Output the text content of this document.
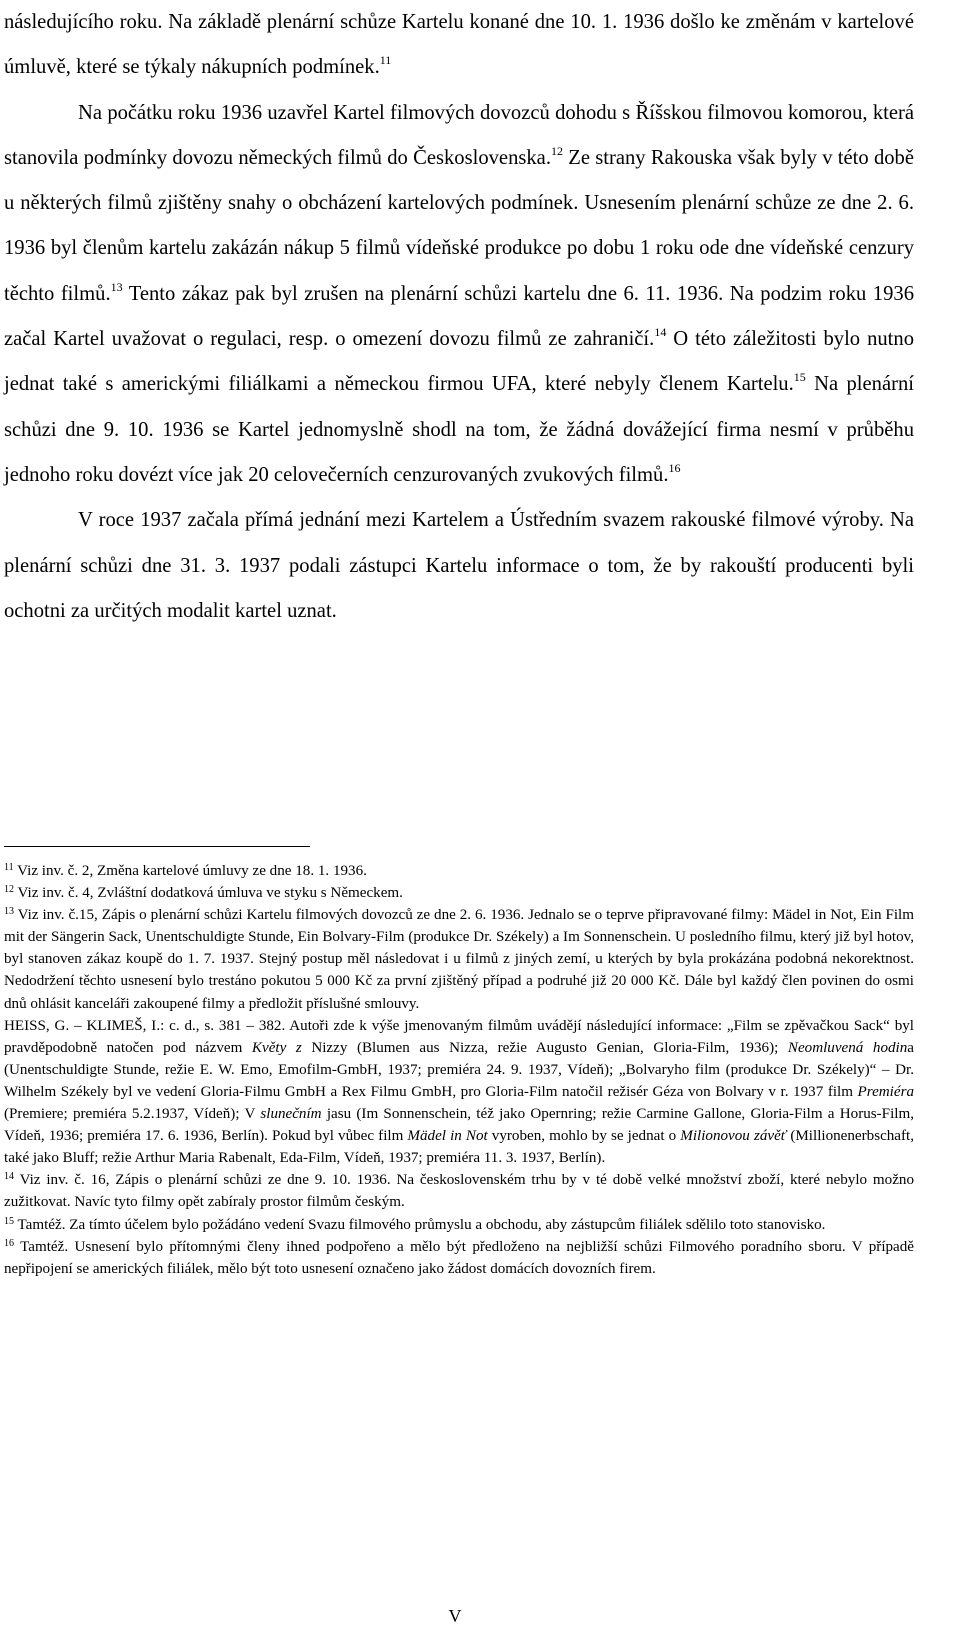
následujícího roku. Na základě plenární schůze Kartelu konané dne 10. 1. 1936 došlo ke změnám v kartelové úmluvě, které se týkaly nákupních podmínek.$^{11}$

Na počátku roku 1936 uzavřel Kartel filmových dovozců dohodu s Říšskou filmovou komorou, která stanovila podmínky dovozu německých filmů do Československa.$^{12}$ Ze strany Rakouska však byly v této době u některých filmů zjištěny snahy o obcházení kartelových podmínek. Usnesením plenární schůze ze dne 2. 6. 1936 byl členům kartelu zakázán nákup 5 filmů vídeňské produkce po dobu 1 roku ode dne vídeňské cenzury těchto filmů.$^{13}$ Tento zákaz pak byl zrušen na plenární schůzi kartelu dne 6. 11. 1936. Na podzim roku 1936 začal Kartel uvažovat o regulaci, resp. o omezení dovozu filmů ze zahraničí.$^{14}$ O této záležitosti bylo nutno jednat také s americkými filiálkami a německou firmou UFA, které nebyly členem Kartelu.$^{15}$ Na plenární schůzi dne 9. 10. 1936 se Kartel jednomyslně shodl na tom, že žádná dovážející firma nesmí v průběhu jednoho roku dovézt více jak 20 celovečerních cenzurovaných zvukových filmů.$^{16}$

V roce 1937 začala přímá jednání mezi Kartelem a Ústředním svazem rakouské filmové výroby. Na plenární schůzi dne 31. 3. 1937 podali zástupci Kartelu informace o tom, že by rakouští producenti byli ochotni za určitých modalit kartel uznat.

$^{11}$ Viz inv. č. 2, Změna kartelové úmluvy ze dne 18. 1. 1936.

$^{12}$ Viz inv. č. 4, Zvláštní dodatková úmluva ve styku s Německem.

$^{13}$ Viz inv. č.15, Zápis o plenární schůzi Kartelu filmových dovozců ze dne 2. 6. 1936. Jednalo se o teprve připravované filmy: Mädel in Not, Ein Film mit der Sängerin Sack, Unentschuldigte Stunde, Ein Bolvary-Film (produkce Dr. Székely) a Im Sonnenschein. U posledního filmu, který již byl hotov, byl stanoven zákaz koupě do 1. 7. 1937. Stejný postup měl následovat i u filmů z jiných zemí, u kterých by byla prokázána podobná nekorektnost. Nedodržení těchto usnesení bylo trestáno pokutou 5 000 Kč za první zjištěný případ a podruhé již 20 000 Kč. Dále byl každý člen povinen do osmi dnů ohlásit kanceláři zakoupené filmy a předložit příslušné smlouvy.

HEISS, G. – KLIMEŠ, I.: c. d., s. 381 – 382. Autoři zde k výše jmenovaným filmům uvádějí následující informace: „Film se zpěvačkou Sack“ byl pravděpodobně natočen pod názvem Květy z Nizzy (Blumen aus Nizza, režie Augusto Genian, Gloria-Film, 1936); Neomluvená hodina (Unentschuldigte Stunde, režie E. W. Emo, Emofilm-GmbH, 1937; premiéra 24. 9. 1937, Vídeň); „Bolvaryho film (produkce Dr. Székely)“ – Dr. Wilhelm Székely byl ve vedení Gloria-Filmu GmbH a Rex Filmu GmbH, pro Gloria-Film natočil režisér Géza von Bolvary v r. 1937 film Premiéra (Premiere; premiéra 5.2.1937, Vídeň); V slunečním jasu (Im Sonnenschein, též jako Opernring; režie Carmine Gallone, Gloria-Film a Horus-Film, Vídeň, 1936; premiéra 17. 6. 1936, Berlín). Pokud byl vůbec film Mädel in Not vyroben, mohlo by se jednat o Milionovou závěť (Millionenerbschaft, také jako Bluff; režie Arthur Maria Rabenalt, Eda-Film, Vídeň, 1937; premiéra 11. 3. 1937, Berlín).

$^{14}$ Viz inv. č. 16, Zápis o plenární schůzi ze dne 9. 10. 1936. Na československém trhu by v té době velké množství zboží, které nebylo možno zužitkovat. Navíc tyto filmy opět zabíraly prostor filmům českým.

$^{15}$ Tamtéž. Za tímto účelem bylo požádáno vedení Svazu filmového průmyslu a obchodu, aby zástupcům filiálek sdělilo toto stanovisko.

$^{16}$ Tamtéž. Usnesení bylo přítomnými členy ihned podpořeno a mělo být předloženo na nejbližší schůzi Filmového poradního sboru. V případě nepřipojení se amerických filiálek, mělo být toto usnesení označeno jako žádost domácích dovozních firem.

V
